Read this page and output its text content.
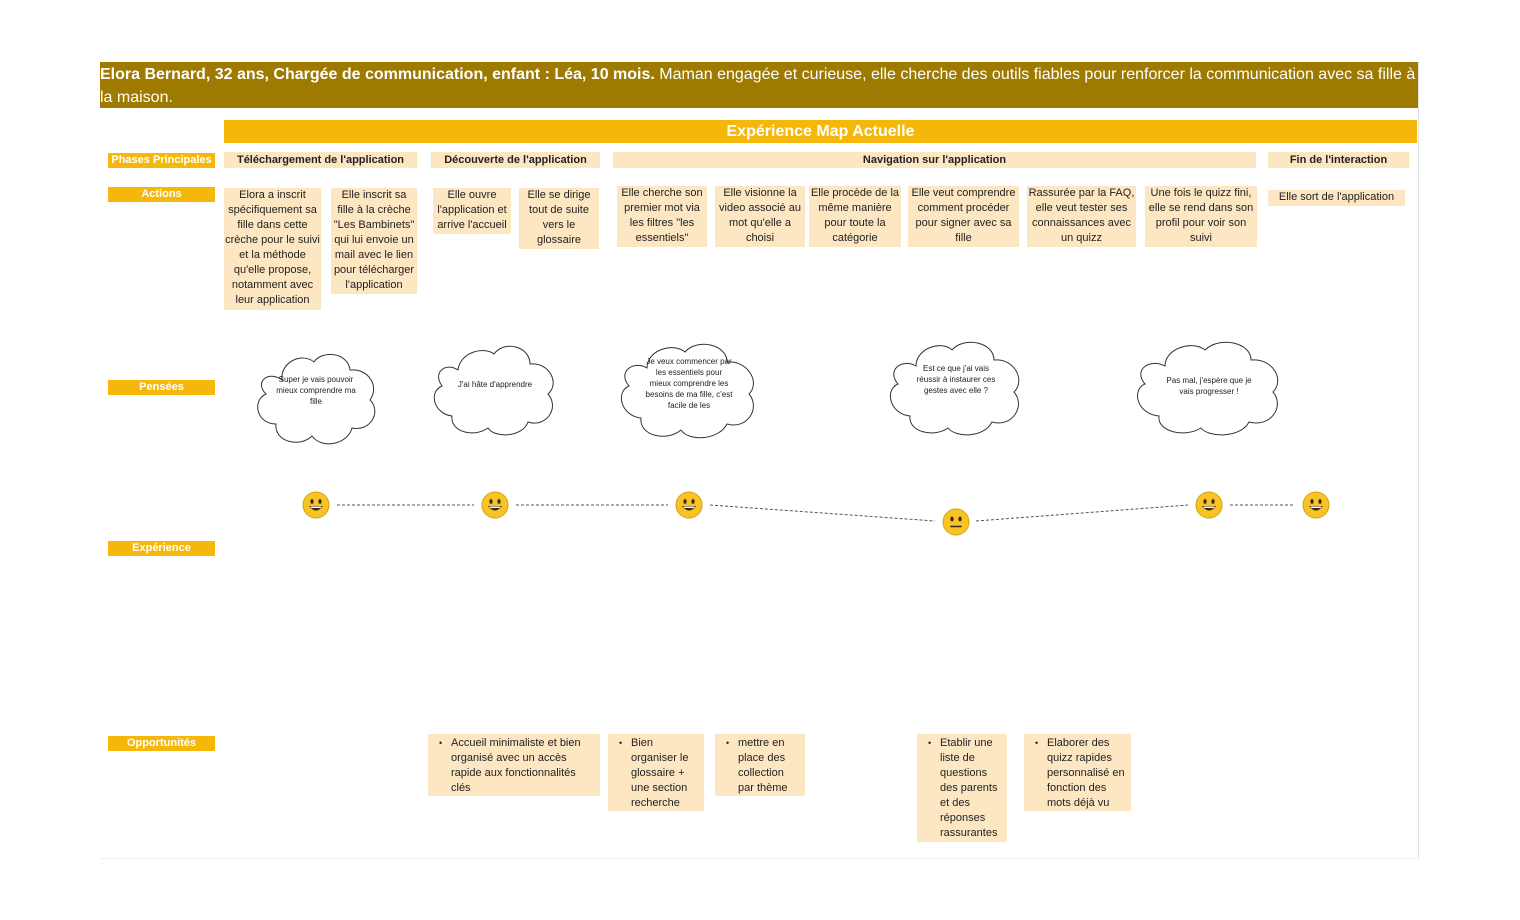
Elora Bernard, 32 ans, Chargée de communication, enfant : Léa, 10 mois. Maman engagée et curieuse, elle cherche des outils fiables pour renforcer la communication avec sa fille à la maison.
Expérience Map Actuelle
Phases Principales
Actions
Pensées
Expérience
Opportunités
Téléchargement de l'application	Découverte de l'application	Navigation sur l'application	Fin de l'interaction
Elora a inscrit spécifiquement sa fille dans cette crèche pour le suivi et la méthode qu'elle propose, notamment avec leur application
Elle inscrit sa fille à la crèche "Les Bambinets" qui lui envoie un mail avec le lien pour télécharger l'application
Elle ouvre l'application et arrive l'accueil
Elle se dirige tout de suite vers le glossaire
Elle cherche son premier mot via les filtres "les essentiels"
Elle visionne la video associé au mot qu'elle a choisi
Elle procède de la même manière pour toute la catégorie
Elle veut comprendre comment procéder pour signer avec sa fille
Rassurée par la FAQ, elle veut tester ses connaissances avec un quizz
Une fois le quizz fini, elle se rend dans son profil pour voir son suivi
Elle sort de l'application
Super je vais pouvoir mieux comprendre ma fille
J'ai hâte d'apprendre
Je veux commencer par les essentiels pour mieux comprendre les besoins de ma fille, c'est facile de les
Est ce que j'ai vais réussir à instaurer ces gestes avec elle ?
Pas mal, j'espère que je vais progresser !
• Accueil minimaliste et bien organisé avec un accès rapide aux fonctionnalités clés
• Bien organiser le glossaire + une section recherche
• mettre en place des collection par thème
• Etablir une liste de questions des parents et des réponses rassurantes
• Elaborer des quizz rapides personnalisé en fonction des mots déjà vu
